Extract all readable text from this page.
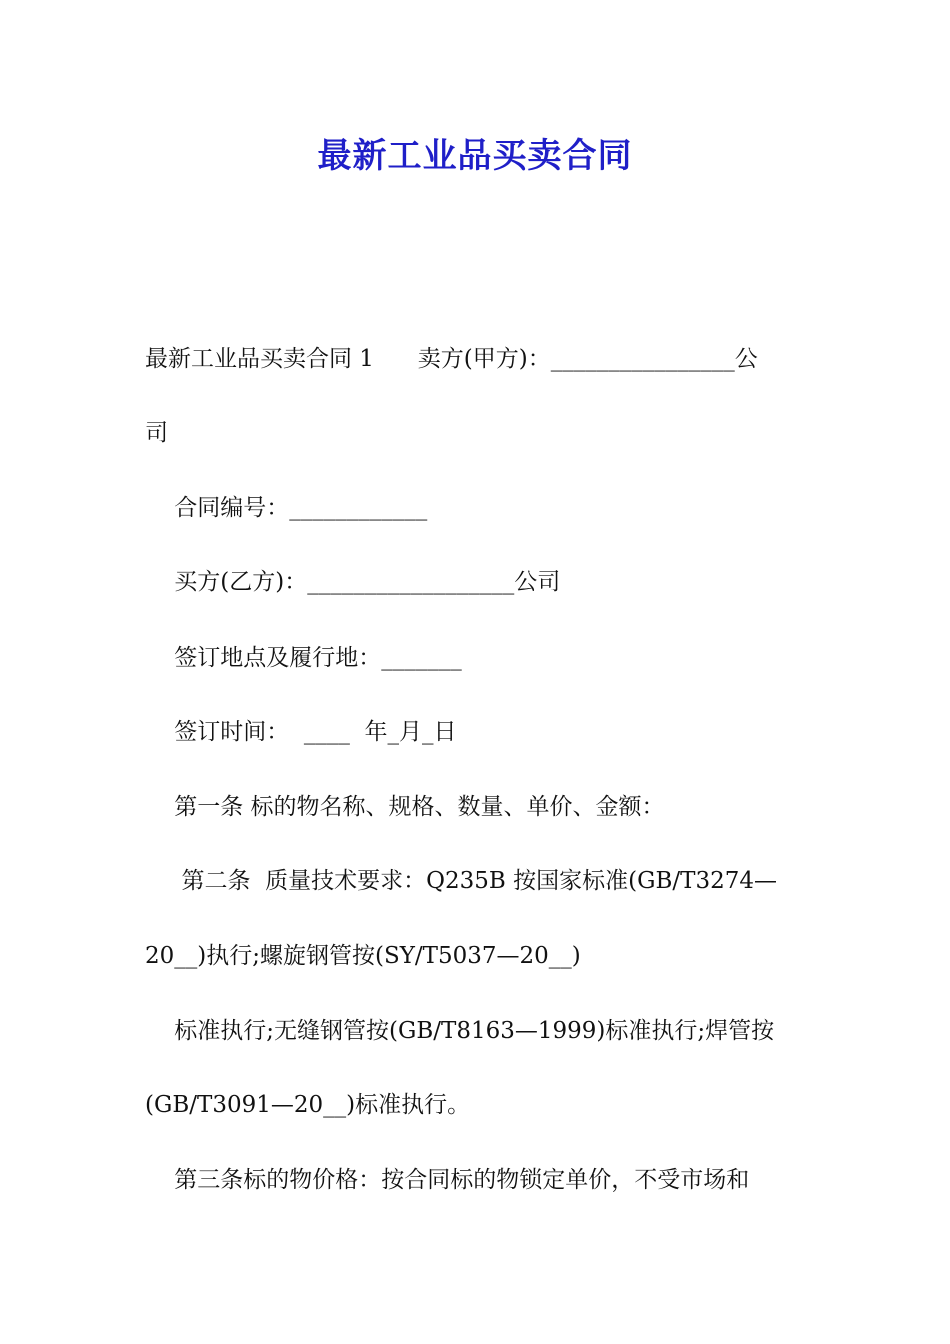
最新工业品买卖合同
最新工业品买卖合同 1      卖方(甲方)：________________公
司
合同编号：____________
买方(乙方)：__________________公司
签订地点及履行地：_______
签订时间：  ____  年_月_日
第一条 标的物名称、规格、数量、单价、金额：
第二条  质量技术要求：Q235B 按国家标准(GB/T3274—
20__)执行;螺旋钢管按(SY/T5037—20__)
标准执行;无缝钢管按(GB/T8163—1999)标准执行;焊管按
(GB/T3091—20__)标准执行。
第三条标的物价格：按合同标的物锁定单价，不受市场和
